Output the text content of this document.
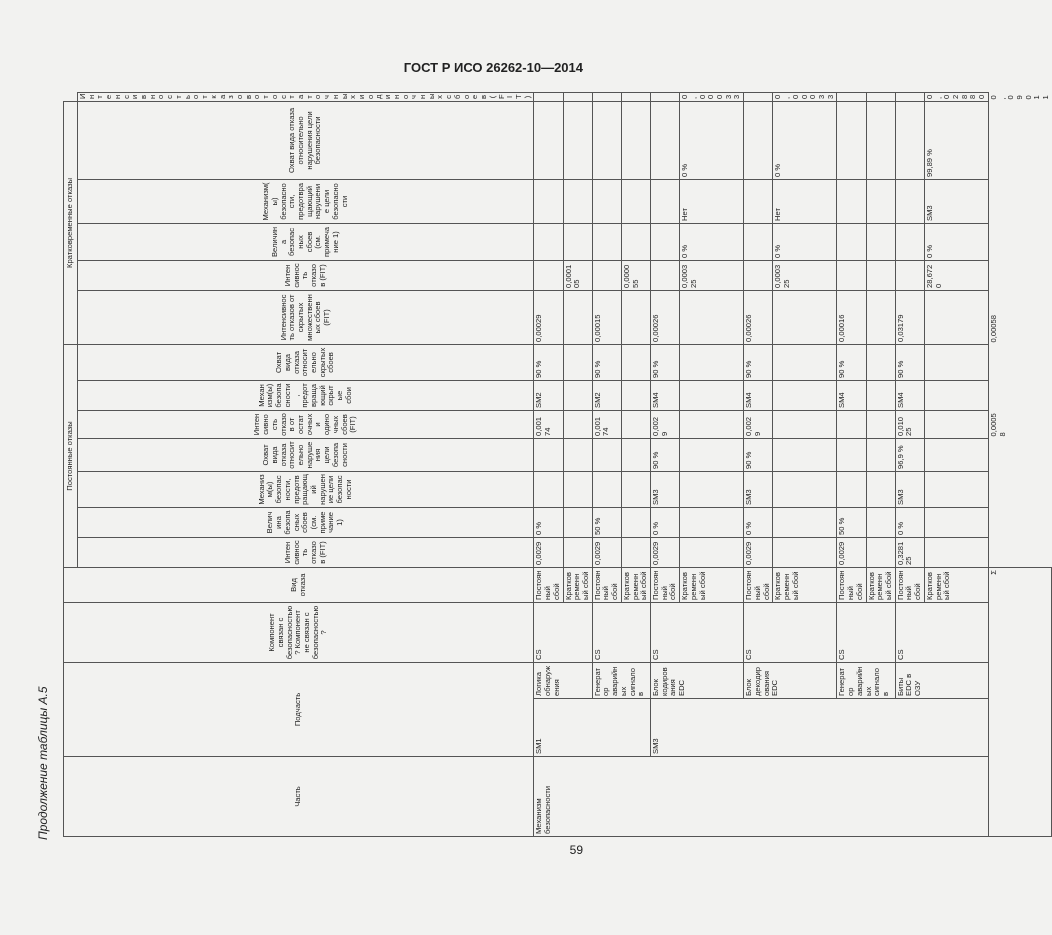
ГОСТ Р ИСО 26262-10—2014
Продолжение таблицы А.5	Часть	Подчасть		Компонент связан с безопасностью? Компонент не связан с безопасностью?	Вид отказа	Постоянные отказы							Кратковременные отказы					
					Интенсивность отказов (FIT)	Величина безопасных сбоев (см. примечание 1)	Механизм(ы) безопасности, предотвращающий нарушение цели безопасности	Охват вида отказа относительно нарушения цели безопасности	Интенсивность отказов от остаточных и одиночных сбоев (FIT)	Механизм(ы) безопасности, предотвращающий скрытые сбои	Охват вида отказа относительно скрытых сбоев	Интенсивность отказов от скрытых множественных сбоев (FIT)	Интенсивность отказов (FIT)	Величина безопасных сбоев (см. примечание 1)	Механизм(ы) безопасности, предотвращающий нарушение цели безопасности	Охват вида отказа относительно нарушения цели безопасности	Интенсивность отказов от остаточных и одиночных сбоев (FIT)
Механизм безопасности	SM1	Логика обнаружения	CS	Постоянный сбой	0,0029	0 %			0,00174	SM2	90 %	0,00029					
				Кратковременный сбой									0,000105				
		Генератор аварийных сигналов	CS	Постоянный сбой	0,0029	50 %			0,00174	SM2	90 %	0,00015					
				Кратковременный сбой									0,000055				
	SM3	Блок кодирования EDC	CS	Постоянный сбой	0,0029	0 %	SM3	90 %	0,0029	SM4	90 %	0,00026					
				Кратковременный сбой									0,000325	0 %	Нет	0 %	0,00033
		Блок декодирования EDC	CS	Постоянный сбой	0,0029	0 %	SM3	90 %	0,0029	SM4	90 %	0,00026					
				Кратковременный сбой									0,000325	0 %	Нет	0 %	0,00033
		Генератор аварийных сигналов	CS	Постоянный сбой	0,0029	50 %				SM4	90 %	0,00016					
				Кратковременный сбой													
		Биты EDC в ОЗУ	CS	Постоянный сбой	0,328125	0 %	SM3	96,9 %	0,01025	SM4	90 %	0,03179					
				Кратковременный сбой									28,6720	0 %	SM3	99,89 %	0,02880
Σ									0,00058			0,00058					0,09011
59
